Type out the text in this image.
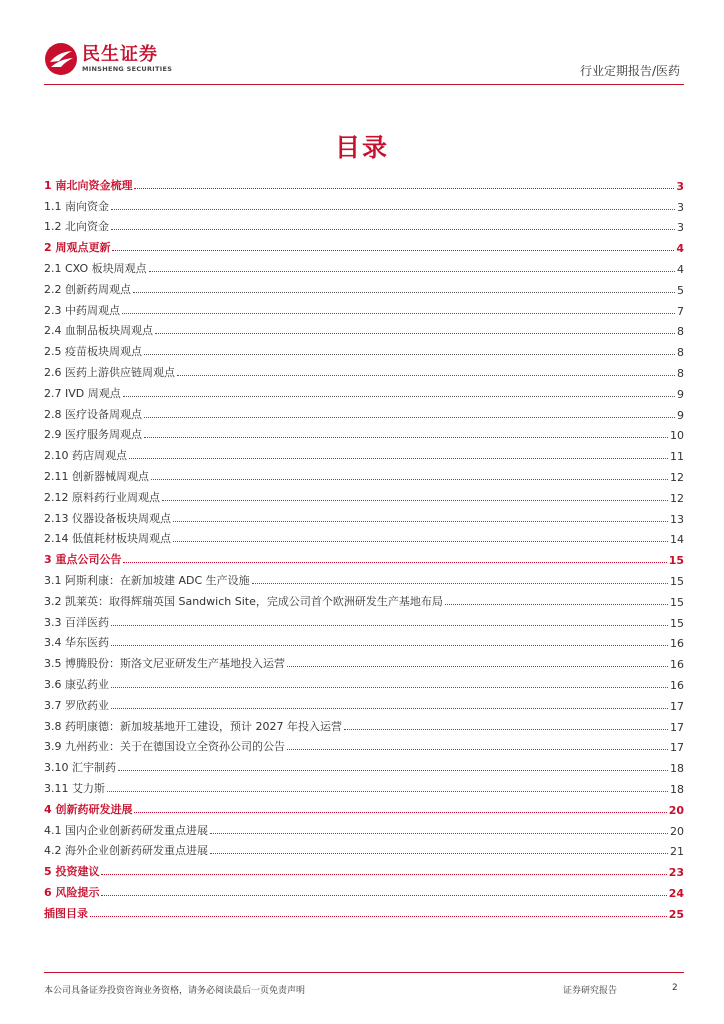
民生证券
MINSHENG SECURITIES	行业定期报告/医药
目录
1 南北向资金梳理	3
1.1 南向资金	3
1.2 北向资金	3
2 周观点更新	4
2.1 CXO 板块周观点	4
2.2 创新药周观点	5
2.3 中药周观点	7
2.4 血制品板块周观点	8
2.5 疫苗板块周观点	8
2.6 医药上游供应链周观点	8
2.7 IVD 周观点	9
2.8 医疗设备周观点	9
2.9 医疗服务周观点	10
2.10 药店周观点	11
2.11 创新器械周观点	12
2.12 原料药行业周观点	12
2.13 仪器设备板块周观点	13
2.14 低值耗材板块周观点	14
3 重点公司公告	15
3.1 阿斯利康：在新加坡建 ADC 生产设施	15
3.2 凯莱英：取得辉瑞英国 Sandwich Site，完成公司首个欧洲研发生产基地布局	15
3.3 百洋医药	15
3.4 华东医药	16
3.5 博腾股份：斯洛文尼亚研发生产基地投入运营	16
3.6 康弘药业	16
3.7 罗欣药业	17
3.8 药明康德：新加坡基地开工建设，预计 2027 年投入运营	17
3.9 九州药业：关于在德国设立全资孙公司的公告	17
3.10 汇宇制药	18
3.11 艾力斯	18
4 创新药研发进展	20
4.1 国内企业创新药研发重点进展	20
4.2 海外企业创新药研发重点进展	21
5 投资建议	23
6 风险提示	24
插图目录	25
本公司具备证券投资咨询业务资格，请务必阅读最后一页免责声明	证券研究报告	2
